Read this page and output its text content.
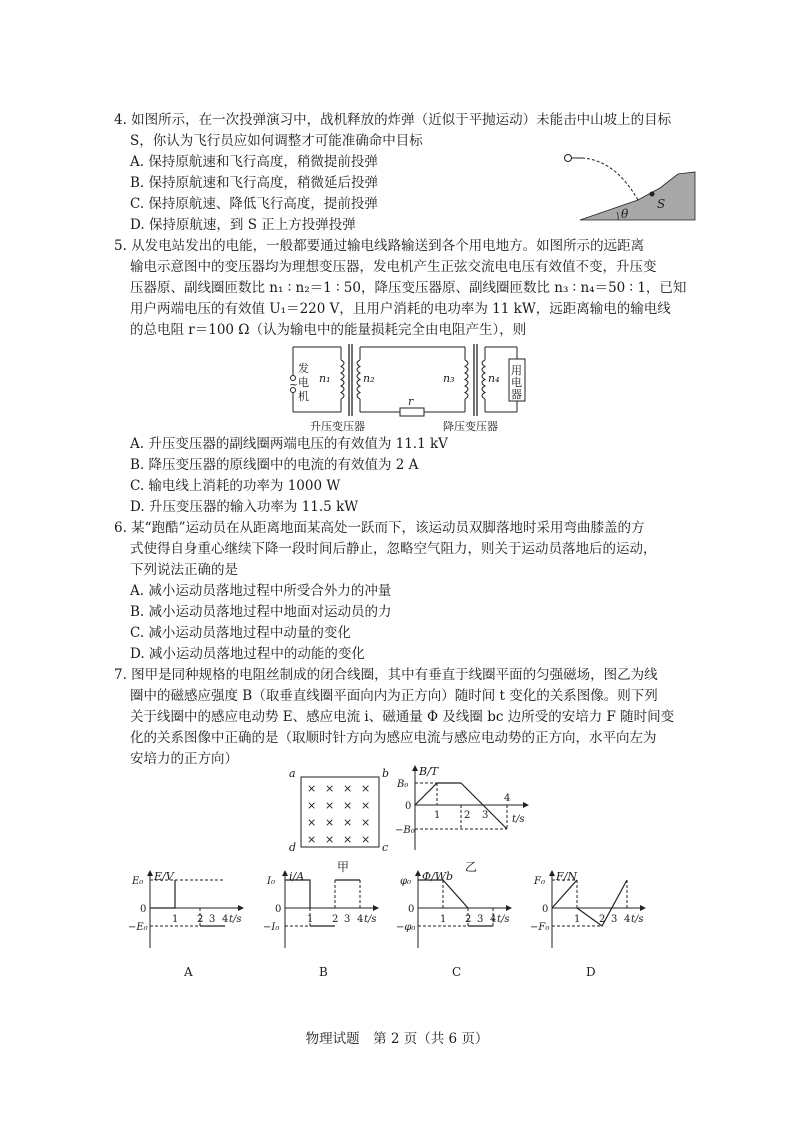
4. 如图所示，在一次投弹演习中，战机释放的炸弹（近似于平抛运动）未能击中山坡上的目标
S，你认为飞行员应如何调整才可能准确命中目标
A. 保持原航速和飞行高度，稍微提前投弹
B. 保持原航速和飞行高度，稍微延后投弹
C. 保持原航速、降低飞行高度，提前投弹
D. 保持原航速，到 S 正上方投弹投弹
θ
S
5. 从发电站发出的电能，一般都要通过输电线路输送到各个用电地方。如图所示的远距离
输电示意图中的变压器均为理想变压器，发电机产生正弦交流电电压有效值不变，升压变
压器原、副线圈匝数比 n₁ ∶ n₂＝1 ∶ 50，降压变压器原、副线圈匝数比 n₃ ∶ n₄＝50 ∶ 1，已知
用户两端电压的有效值 U₁＝220 V，且用户消耗的电功率为 11 kW，远距离输电的输电线
的总电阻 r＝100 Ω（认为输电中的能量损耗完全由电阻产生），则
~
发
电
机
n₁	n₂
r
n₃	n₄
用
电
器
升压变压器	降压变压器
A. 升压变压器的副线圈两端电压的有效值为 11.1 kV
B. 降压变压器的原线圈中的电流的有效值为 2 A
C. 输电线上消耗的功率为 1000 W
D. 升压变压器的输入功率为 11.5 kW
6. 某“跑酷”运动员在从距离地面某高处一跃而下，该运动员双脚落地时采用弯曲膝盖的方
式使得自身重心继续下降一段时间后静止，忽略空气阻力，则关于运动员落地后的运动，
下列说法正确的是
A. 减小运动员落地过程中所受合外力的冲量
B. 减小运动员落地过程中地面对运动员的力
C. 减小运动员落地过程中动量的变化
D. 减小运动员落地过程中的动能的变化
7. 图甲是同种规格的电阻丝制成的闭合线圈，其中有垂直于线圈平面的匀强磁场，图乙为线
圈中的磁感应强度 B（取垂直线圈平面向内为正方向）随时间 t 变化的关系图像。则下列
关于线圈中的感应电动势 E、感应电流 i、磁通量 Φ 及线圈 bc 边所受的安培力 F 随时间变
化的关系图像中正确的是（取顺时针方向为感应电流与感应电动势的正方向，水平向左为
安培力的正方向）
× × × ×
× × × ×
× × × ×
× × × ×
a	b
c
d
甲
B/T
B₀
0
−B₀
1 2 3
4
t/s
乙
E/V
E₀
0
−E₀
1 2 3 4 t/s
A
i/A
I₀
0
−I₀
1 2 3 4 t/s
B
Φ/Wb
φ₀
0
−φ₀
1 2 3 4 t/s
C
F/N
F₀
0
−F₀
1 2 3 4 t/s
D
物理试题　第 2 页（共 6 页）
